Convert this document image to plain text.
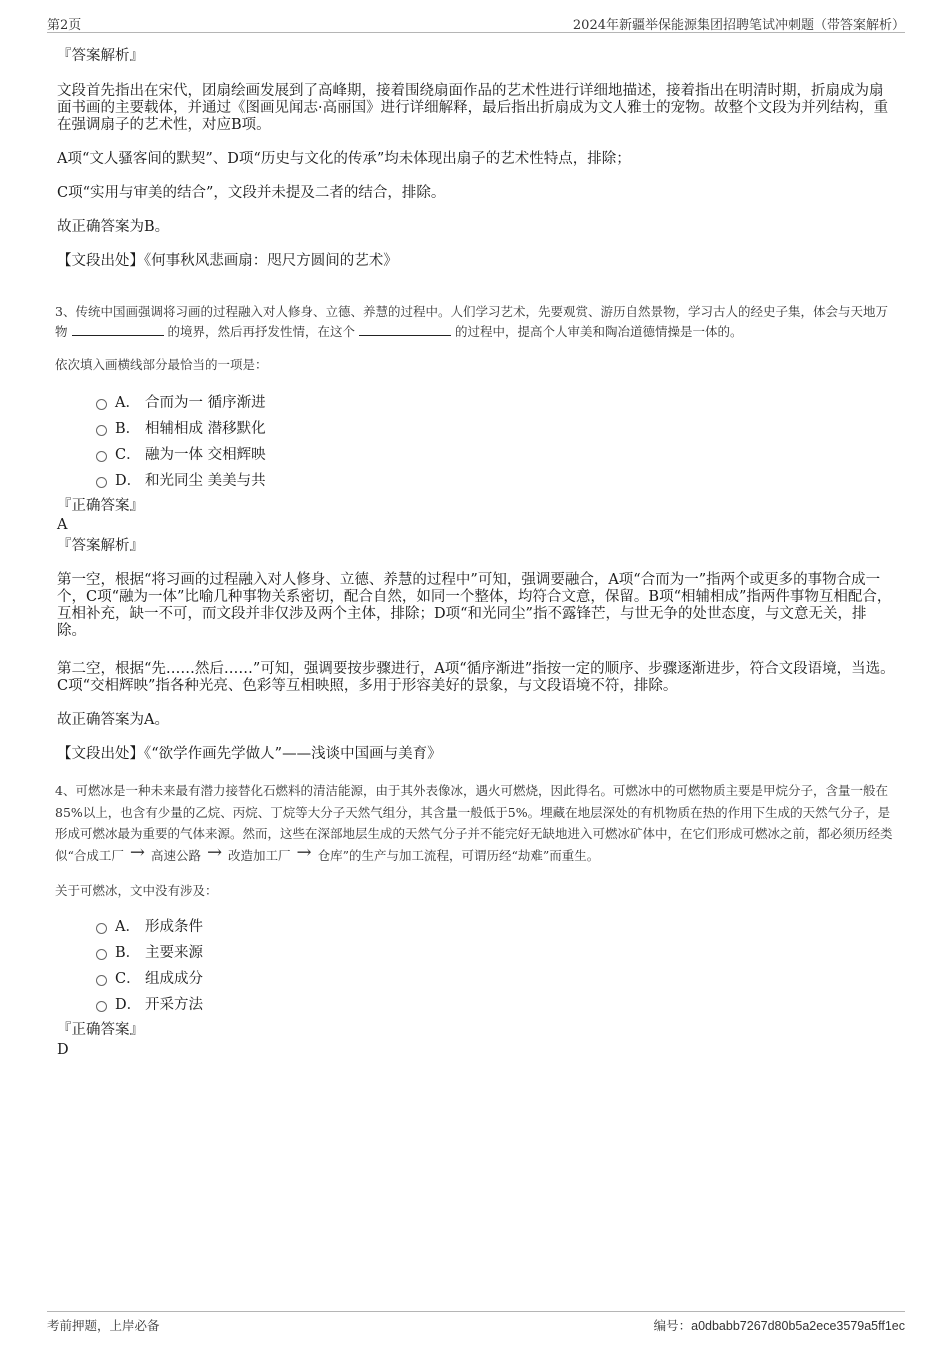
第2页	2024年新疆举保能源集团招聘笔试冲刺题（带答案解析）
『答案解析』
文段首先指出在宋代，团扇绘画发展到了高峰期，接着围绕扇面作品的艺术性进行详细地描述，接着指出在明清时期，折扇成为扇面书画的主要载体，并通过《图画见闻志·高丽国》进行详细解释，最后指出折扇成为文人雅士的宠物。故整个文段为并列结构，重在强调扇子的艺术性，对应B项。
A项“文人骚客间的默契”、D项“历史与文化的传承”均未体现出扇子的艺术性特点，排除；
C项“实用与审美的结合”，文段并未提及二者的结合，排除。
故正确答案为B。
【文段出处】《何事秋风悲画扇：咫尺方圆间的艺术》
3、传统中国画强调将习画的过程融入对人修身、立德、养慧的过程中。人们学习艺术，先要观赏、游历自然景物，学习古人的经史子集，体会与天地万物	的境界，然后再抒发性情，在这个	的过程中，提高个人审美和陶冶道德情操是一体的。
依次填入画横线部分最恰当的一项是：
A． 合而为一 循序渐进
B． 相辅相成 潜移默化
C． 融为一体 交相辉映
D． 和光同尘 美美与共
『正确答案』
A
『答案解析』
第一空，根据“将习画的过程融入对人修身、立德、养慧的过程中”可知，强调要融合，A项“合而为一”指两个或更多的事物合成一个，C项“融为一体”比喻几种事物关系密切，配合自然，如同一个整体，均符合文意，保留。B项“相辅相成”指两件事物互相配合，互相补充，缺一不可，而文段并非仅涉及两个主体，排除；D项“和光同尘”指不露锋芒，与世无争的处世态度，与文意无关，排除。
第二空，根据“先……然后……”可知，强调要按步骤进行，A项“循序渐进”指按一定的顺序、步骤逐渐进步，符合文段语境，当选。C项“交相辉映”指各种光亮、色彩等互相映照，多用于形容美好的景象，与文段语境不符，排除。
故正确答案为A。
【文段出处】《“欲学作画先学做人”——浅谈中国画与美育》
4、可燃冰是一种未来最有潜力接替化石燃料的清洁能源，由于其外表像冰，遇火可燃烧，因此得名。可燃冰中的可燃物质主要是甲烷分子，含量一般在85%以上，也含有少量的乙烷、丙烷、丁烷等大分子天然气组分，其含量一般低于5%。埋藏在地层深处的有机物质在热的作用下生成的天然气分子，是形成可燃冰最为重要的气体来源。然而，这些在深部地层生成的天然气分子并不能完好无缺地进入可燃冰矿体中，在它们形成可燃冰之前，都必须历经类似“合成工厂 → 高速公路 → 改造加工厂 → 仓库”的生产与加工流程，可谓历经“劫难”而重生。
关于可燃冰，文中没有涉及：
A． 形成条件
B． 主要来源
C． 组成成分
D． 开采方法
『正确答案』
D
考前押题，上岸必备	编号：a0dbabb7267d80b5a2ece3579a5ff1ec
